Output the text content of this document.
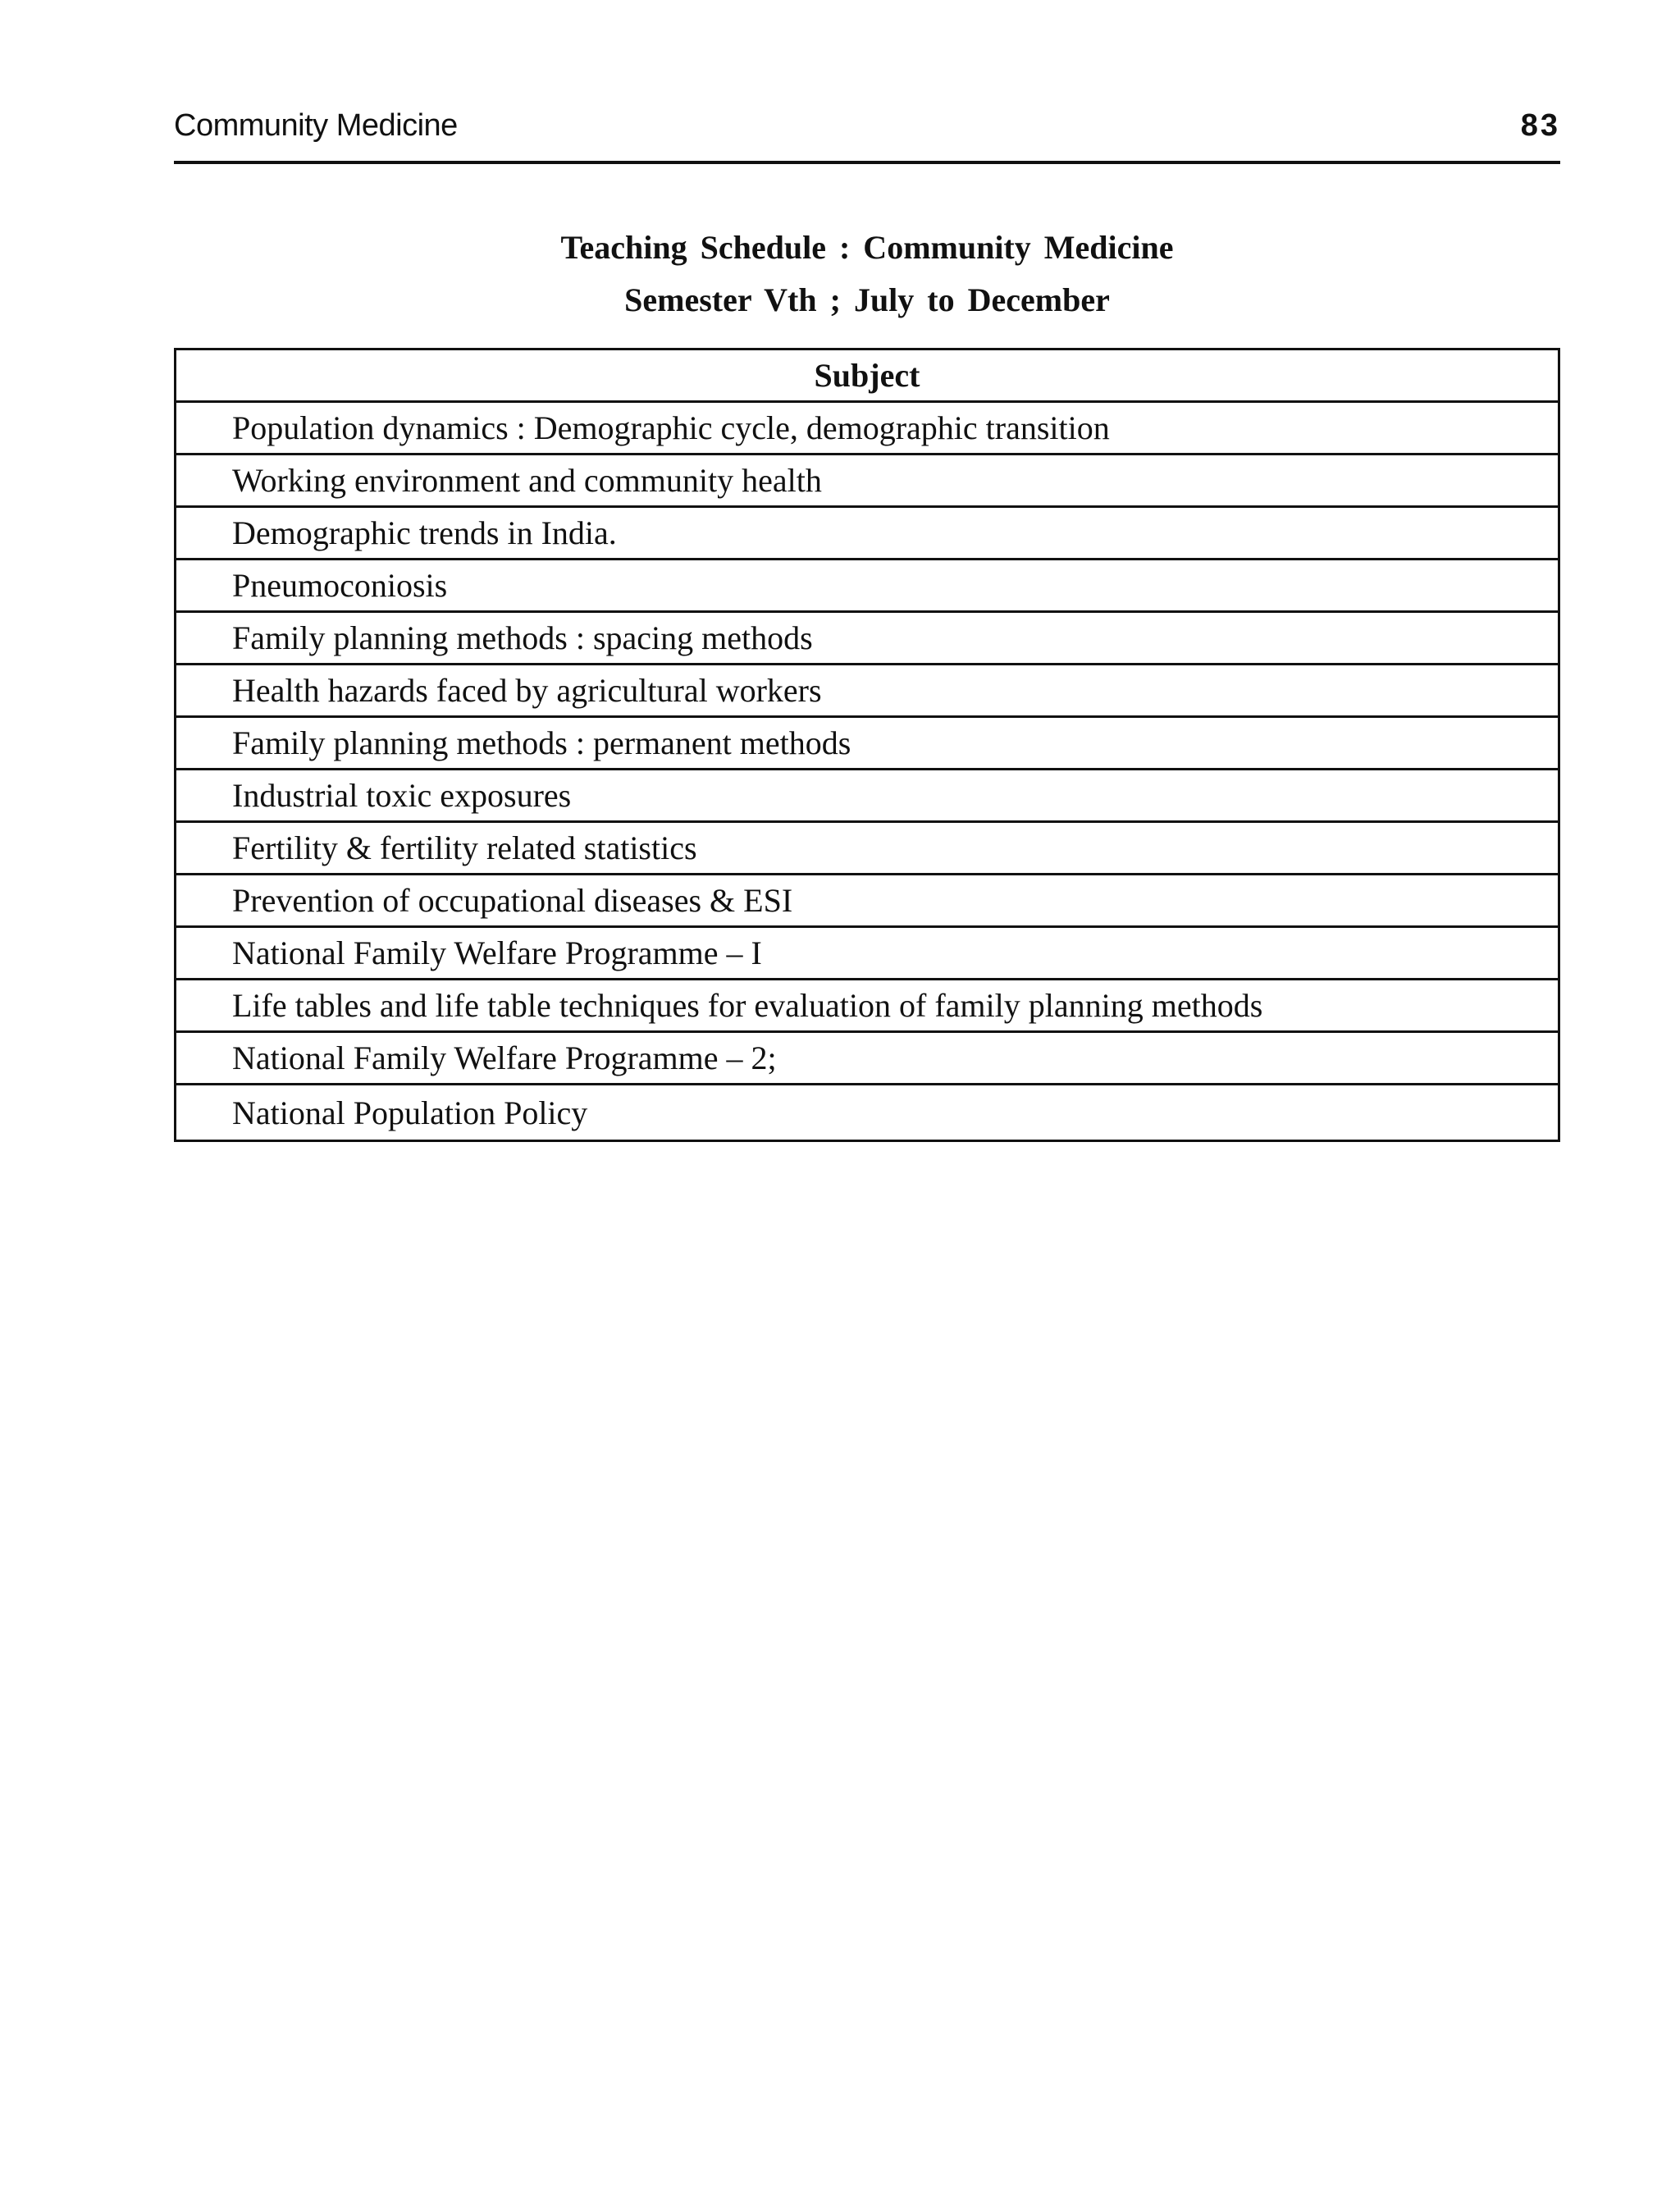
Community Medicine	83
Teaching Schedule : Community Medicine
Semester Vth ; July to December
Subject
Population dynamics : Demographic cycle, demographic transition
Working environment and community health
Demographic trends in India.
Pneumoconiosis
Family planning methods : spacing methods
Health hazards faced by agricultural workers
Family planning methods : permanent methods
Industrial toxic exposures
Fertility & fertility related statistics
Prevention of occupational diseases & ESI
National Family Welfare Programme – I
Life tables and life table techniques for evaluation of family planning methods
National Family Welfare Programme – 2;
National Population Policy
